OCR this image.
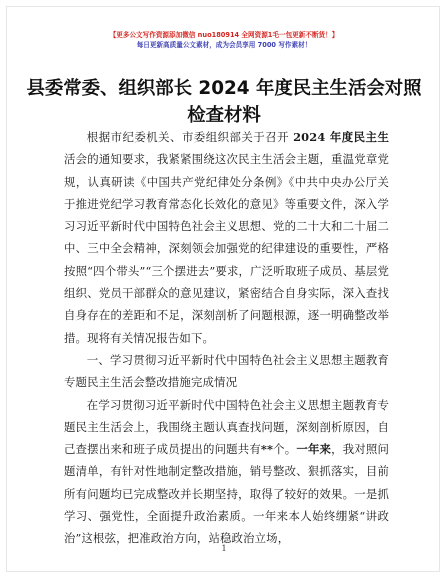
【更多公文写作资源添加微信 nuo180914 全网资源1毛一包更新不断货！】
每日更新高质量公文素材，成为会员享用 7000 写作素材！
县委常委、组织部长 2024 年度民主生活会对照
检查材料

根据市纪委机关、市委组织部关于召开 2024 年度民主生活会的通知要求，我紧紧围绕这次民主生活会主题，重温党章党规，认真研读《中国共产党纪律处分条例》《中共中央办公厅关于推进党纪学习教育常态化长效化的意见》等重要文件，深入学习习近平新时代中国特色社会主义思想、党的二十大和二十届二中、三中全会精神，深刻领会加强党的纪律建设的重要性，严格按照“四个带头”“三个摆进去”要求，广泛听取班子成员、基层党组织、党员干部群众的意见建议，紧密结合自身实际，深入查找自身存在的差距和不足，深刻剖析了问题根源，逐一明确整改举措。现将有关情况报告如下。

一、学习贯彻习近平新时代中国特色社会主义思想主题教育专题民主生活会整改措施完成情况

在学习贯彻习近平新时代中国特色社会主义思想主题教育专题民主生活会上，我围绕主题认真查找问题，深刻剖析原因，自己查摆出来和班子成员提出的问题共有**个。一年来，我对照问题清单，有针对性地制定整改措施，销号整改、狠抓落实，目前所有问题均已完成整改并长期坚持，取得了较好的效果。一是抓学习、强党性，全面提升政治素质。一年来本人始终绷紧“讲政治”这根弦，把准政治方向，站稳政治立场，

1
